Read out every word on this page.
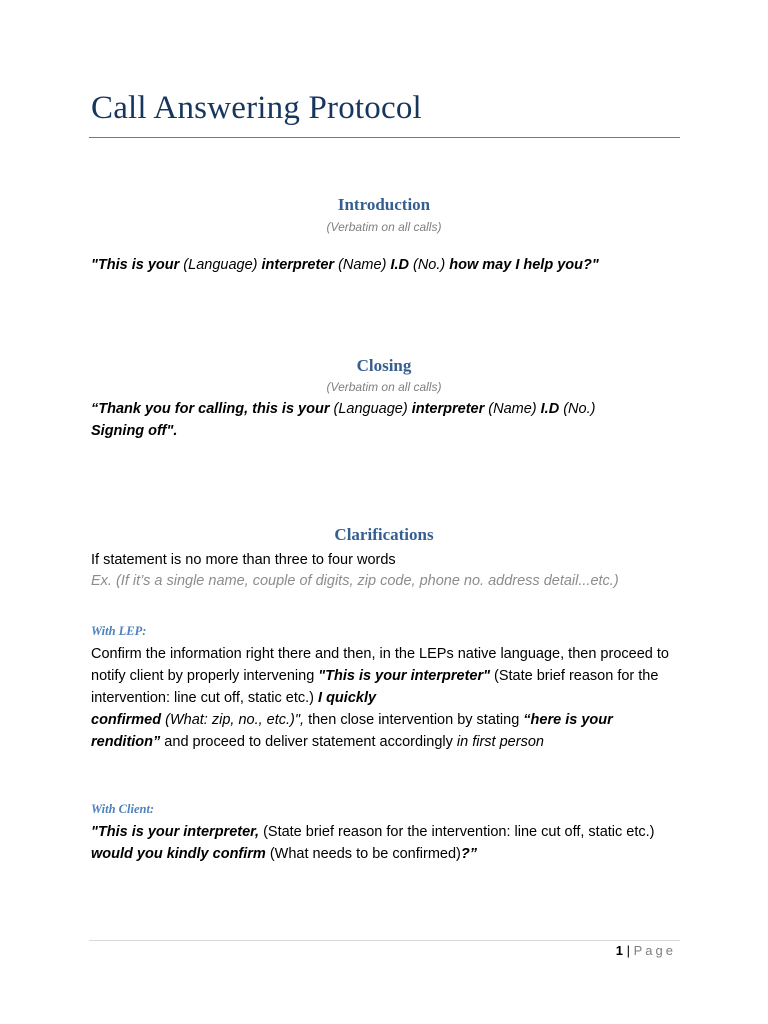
Call Answering Protocol
Introduction

(Verbatim on all calls)

"This is your (Language) interpreter (Name) I.D (No.) how may I help you?"

Closing

(Verbatim on all calls)

“Thank you for calling, this is your (Language) interpreter (Name) I.D (No.)
Signing off".

Clarifications

If statement is no more than three to four words

Ex. (If it’s a single name, couple of digits, zip code, phone no. address detail...etc.)

With LEP:

Confirm the information right there and then, in the LEPs native language, then proceed to notify client by properly intervening "This is your interpreter" (State brief reason for the intervention: line cut off, static etc.) I quickly
confirmed (What: zip, no., etc.)", then close intervention by stating “here is your rendition” and proceed to deliver statement accordingly in first person

With Client:

"This is your interpreter, (State brief reason for the intervention: line cut off, static etc.) would you kindly confirm (What needs to be confirmed)?”

1 | Page
